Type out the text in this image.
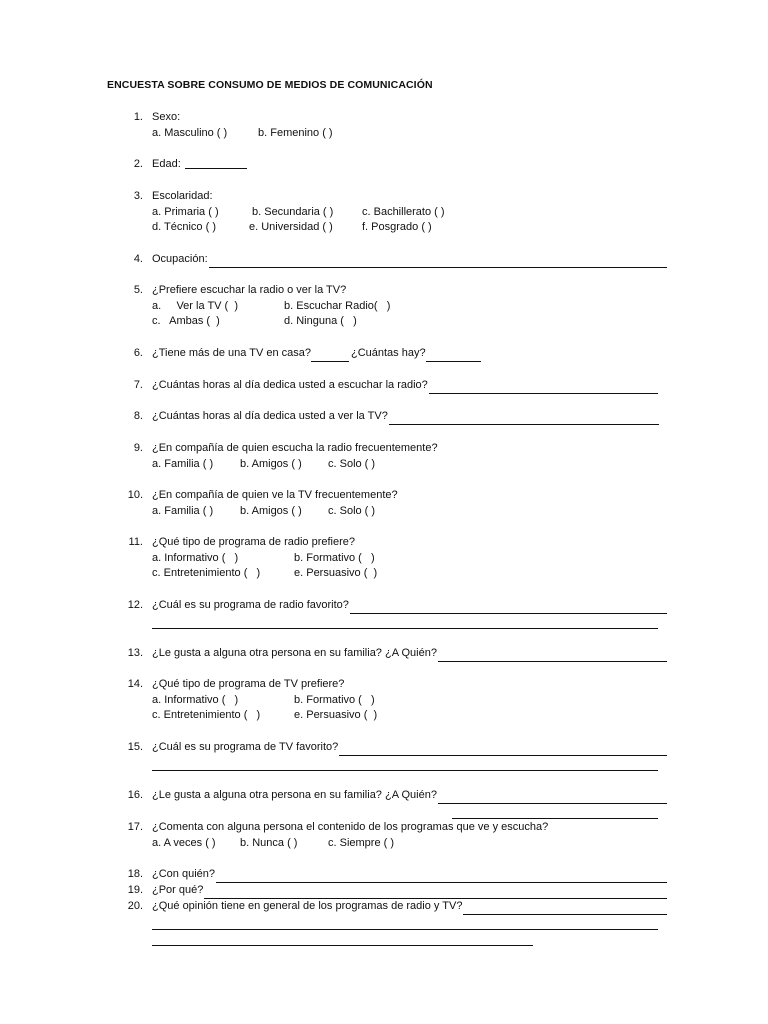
ENCUESTA SOBRE CONSUMO DE MEDIOS DE COMUNICACIÓN
1. Sexo:
a. Masculino ( )	b. Femenino ( )
2. Edad:
3. Escolaridad:
a. Primaria ( )	b. Secundaria ( )	c. Bachillerato ( )
d. Técnico ( )	e. Universidad ( )	f. Posgrado ( )
4. Ocupación:
5. ¿Prefiere escuchar la radio o ver la TV?
a.     Ver la TV (  )	b. Escuchar Radio(   )
c.   Ambas (  )	d. Ninguna (   )
6. ¿Tiene más de una TV en casa?	¿Cuántas hay?
7. ¿Cuántas horas al día dedica usted a escuchar la radio?
8. ¿Cuántas horas al día dedica usted a ver la TV?
9. ¿En compañía de quien escucha la radio frecuentemente?
a. Familia ( ) b. Amigos ( ) c. Solo ( )
10. ¿En compañía de quien ve la TV frecuentemente?
a. Familia ( ) b. Amigos ( ) c. Solo ( )
11. ¿Qué tipo de programa de radio prefiere?
a. Informativo (   )	b. Formativo (   )
c. Entretenimiento (   )	e. Persuasivo (  )
12. ¿Cuál es su programa de radio favorito?
13. ¿Le gusta a alguna otra persona en su familia? ¿A Quién?
14. ¿Qué tipo de programa de TV prefiere?
a. Informativo (   )	b. Formativo (   )
c. Entretenimiento (   )	e. Persuasivo (  )
15. ¿Cuál es su programa de TV favorito?
16. ¿Le gusta a alguna otra persona en su familia? ¿A Quién?
17. ¿Comenta con alguna persona el contenido de los programas que ve y escucha?
a. A veces ( ) b. Nunca ( )	c. Siempre ( )
18. ¿Con quién?
19. ¿Por qué?
20. ¿Qué opinión tiene en general de los programas de radio y TV?
